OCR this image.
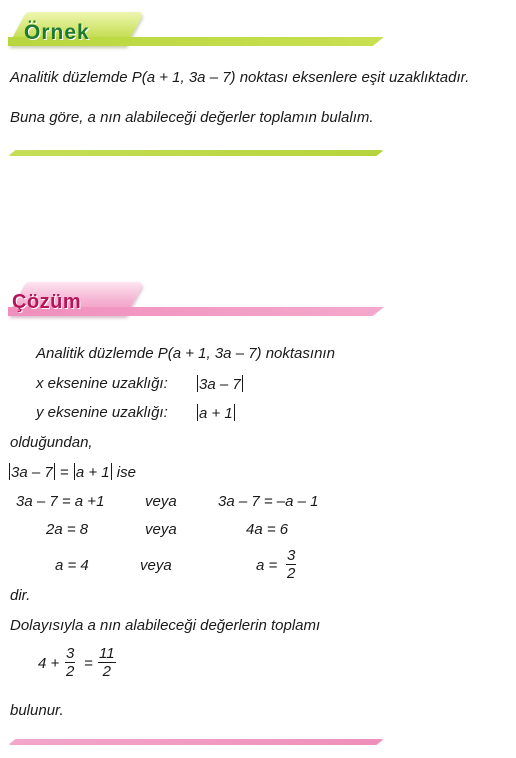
Örnek
Analitik düzlemde P(a + 1, 3a – 7) noktası eksenlere eşit uzaklıktadır.
Buna göre, a nın alabileceği değerler toplamın bulalım.
Çözüm
Analitik düzlemde P(a + 1, 3a – 7) noktasının
x eksenine uzaklığı: 3a – 7
y eksenine uzaklığı: a + 1
olduğundan,
3a – 7 = a + 1 ise
3a – 7 = a +1	veya	3a – 7 = –a – 1
2a = 8	veya	4a = 6
a = 4	veya	a =
3
2
dir.
Dolayısıyla a nın alabileceği değerlerin toplamı
4 +
3
2 =
11
2
bulunur.
